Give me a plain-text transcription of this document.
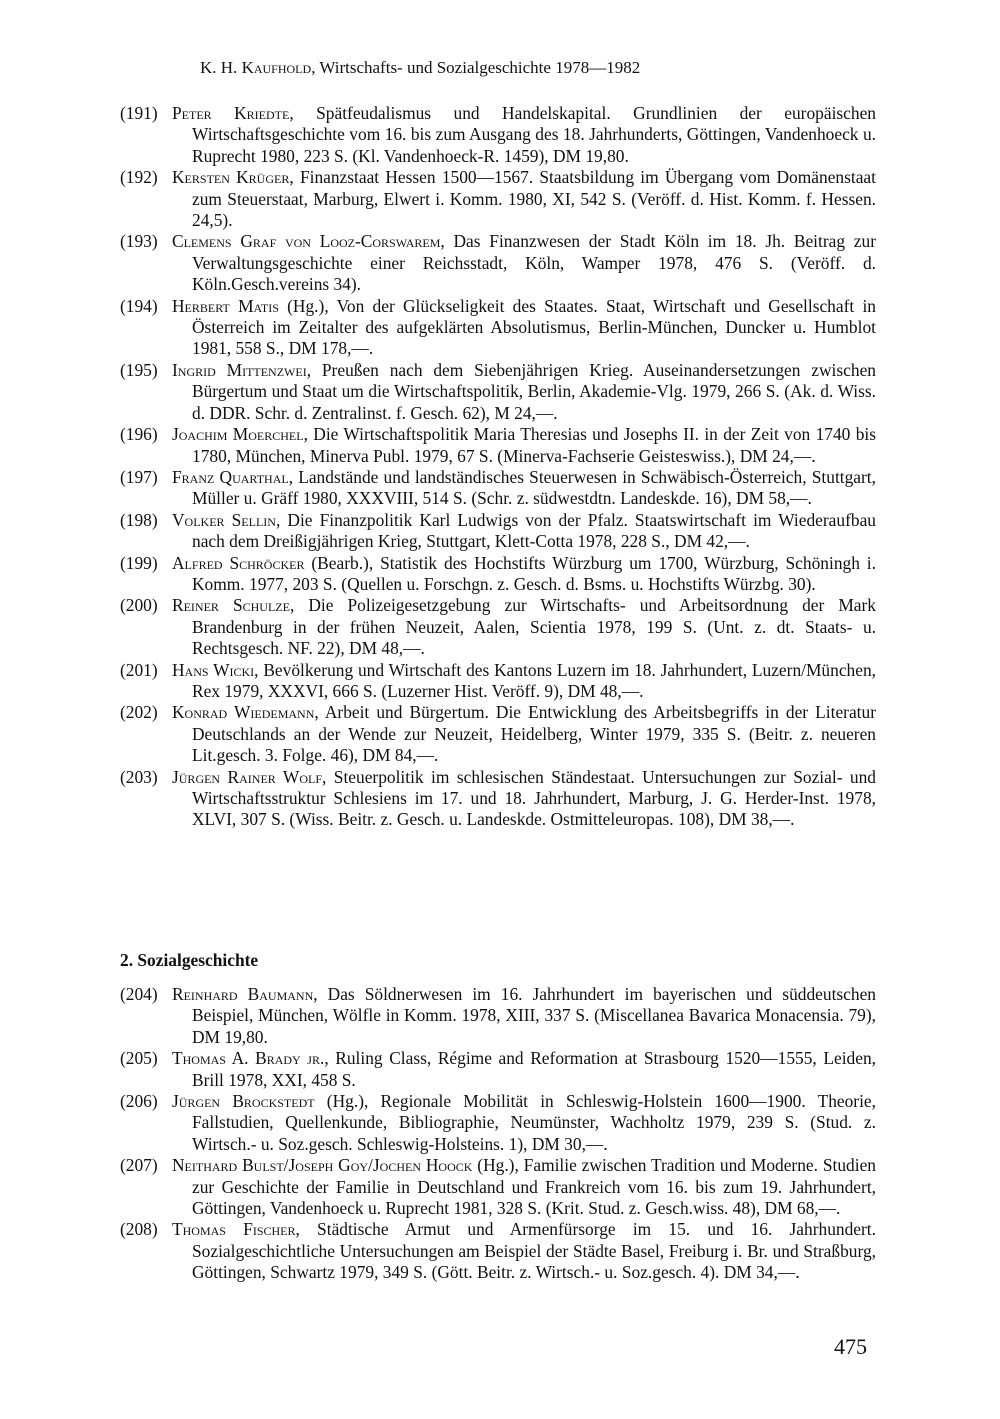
K. H. Kaufhold, Wirtschafts- und Sozialgeschichte 1978—1982

(191) Peter Kriedte, Spätfeudalismus und Handelskapital. Grundlinien der europäischen Wirtschaftsgeschichte vom 16. bis zum Ausgang des 18. Jahrhunderts, Göttingen, Vandenhoeck u. Ruprecht 1980, 223 S. (Kl. Vandenhoeck-R. 1459), DM 19,80.

(192) Kersten Krüger, Finanzstaat Hessen 1500—1567. Staatsbildung im Übergang vom Domänenstaat zum Steuerstaat, Marburg, Elwert i. Komm. 1980, XI, 542 S. (Veröff. d. Hist. Komm. f. Hessen. 24,5).

(193) Clemens Graf von Looz-Corswarem, Das Finanzwesen der Stadt Köln im 18. Jh. Beitrag zur Verwaltungsgeschichte einer Reichsstadt, Köln, Wamper 1978, 476 S. (Veröff. d. Köln.Gesch.vereins 34).

(194) Herbert Matis (Hg.), Von der Glückseligkeit des Staates. Staat, Wirtschaft und Gesellschaft in Österreich im Zeitalter des aufgeklärten Absolutismus, Berlin-München, Duncker u. Humblot 1981, 558 S., DM 178,—.

(195) Ingrid Mittenzwei, Preußen nach dem Siebenjährigen Krieg. Auseinandersetzungen zwischen Bürgertum und Staat um die Wirtschaftspolitik, Berlin, Akademie-Vlg. 1979, 266 S. (Ak. d. Wiss. d. DDR. Schr. d. Zentralinst. f. Gesch. 62), M 24,—.

(196) Joachim Moerchel, Die Wirtschaftspolitik Maria Theresias und Josephs II. in der Zeit von 1740 bis 1780, München, Minerva Publ. 1979, 67 S. (Minerva-Fachserie Geisteswiss.), DM 24,—.

(197) Franz Quarthal, Landstände und landständisches Steuerwesen in Schwäbisch-Österreich, Stuttgart, Müller u. Gräff 1980, XXXVIII, 514 S. (Schr. z. südwestdtn. Landeskde. 16), DM 58,—.

(198) Volker Sellin, Die Finanzpolitik Karl Ludwigs von der Pfalz. Staatswirtschaft im Wiederaufbau nach dem Dreißigjährigen Krieg, Stuttgart, Klett-Cotta 1978, 228 S., DM 42,—.

(199) Alfred Schröcker (Bearb.), Statistik des Hochstifts Würzburg um 1700, Würzburg, Schöningh i. Komm. 1977, 203 S. (Quellen u. Forschgn. z. Gesch. d. Bsms. u. Hochstifts Würzbg. 30).

(200) Reiner Schulze, Die Polizeigesetzgebung zur Wirtschafts- und Arbeitsordnung der Mark Brandenburg in der frühen Neuzeit, Aalen, Scientia 1978, 199 S. (Unt. z. dt. Staats- u. Rechtsgesch. NF. 22), DM 48,—.

(201) Hans Wicki, Bevölkerung und Wirtschaft des Kantons Luzern im 18. Jahrhundert, Luzern/München, Rex 1979, XXXVI, 666 S. (Luzerner Hist. Veröff. 9), DM 48,—.

(202) Konrad Wiedemann, Arbeit und Bürgertum. Die Entwicklung des Arbeitsbegriffs in der Literatur Deutschlands an der Wende zur Neuzeit, Heidelberg, Winter 1979, 335 S. (Beitr. z. neueren Lit.gesch. 3. Folge. 46), DM 84,—.

(203) Jürgen Rainer Wolf, Steuerpolitik im schlesischen Ständestaat. Untersuchungen zur Sozial- und Wirtschaftsstruktur Schlesiens im 17. und 18. Jahrhundert, Marburg, J. G. Herder-Inst. 1978, XLVI, 307 S. (Wiss. Beitr. z. Gesch. u. Landeskde. Ostmitteleuropas. 108), DM 38,—.

2. Sozialgeschichte

(204) Reinhard Baumann, Das Söldnerwesen im 16. Jahrhundert im bayerischen und süddeutschen Beispiel, München, Wölfle in Komm. 1978, XIII, 337 S. (Miscellanea Bavarica Monacensia. 79), DM 19,80.

(205) Thomas A. Brady jr., Ruling Class, Régime and Reformation at Strasbourg 1520—1555, Leiden, Brill 1978, XXI, 458 S.

(206) Jürgen Brockstedt (Hg.), Regionale Mobilität in Schleswig-Holstein 1600—1900. Theorie, Fallstudien, Quellenkunde, Bibliographie, Neumünster, Wachholtz 1979, 239 S. (Stud. z. Wirtsch.- u. Soz.gesch. Schleswig-Holsteins. 1), DM 30,—.

(207) Neithard Bulst/Joseph Goy/Jochen Hoock (Hg.), Familie zwischen Tradition und Moderne. Studien zur Geschichte der Familie in Deutschland und Frankreich vom 16. bis zum 19. Jahrhundert, Göttingen, Vandenhoeck u. Ruprecht 1981, 328 S. (Krit. Stud. z. Gesch.wiss. 48), DM 68,—.

(208) Thomas Fischer, Städtische Armut und Armenfürsorge im 15. und 16. Jahrhundert. Sozialgeschichtliche Untersuchungen am Beispiel der Städte Basel, Freiburg i. Br. und Straßburg, Göttingen, Schwartz 1979, 349 S. (Gött. Beitr. z. Wirtsch.- u. Soz.gesch. 4). DM 34,—.

475
